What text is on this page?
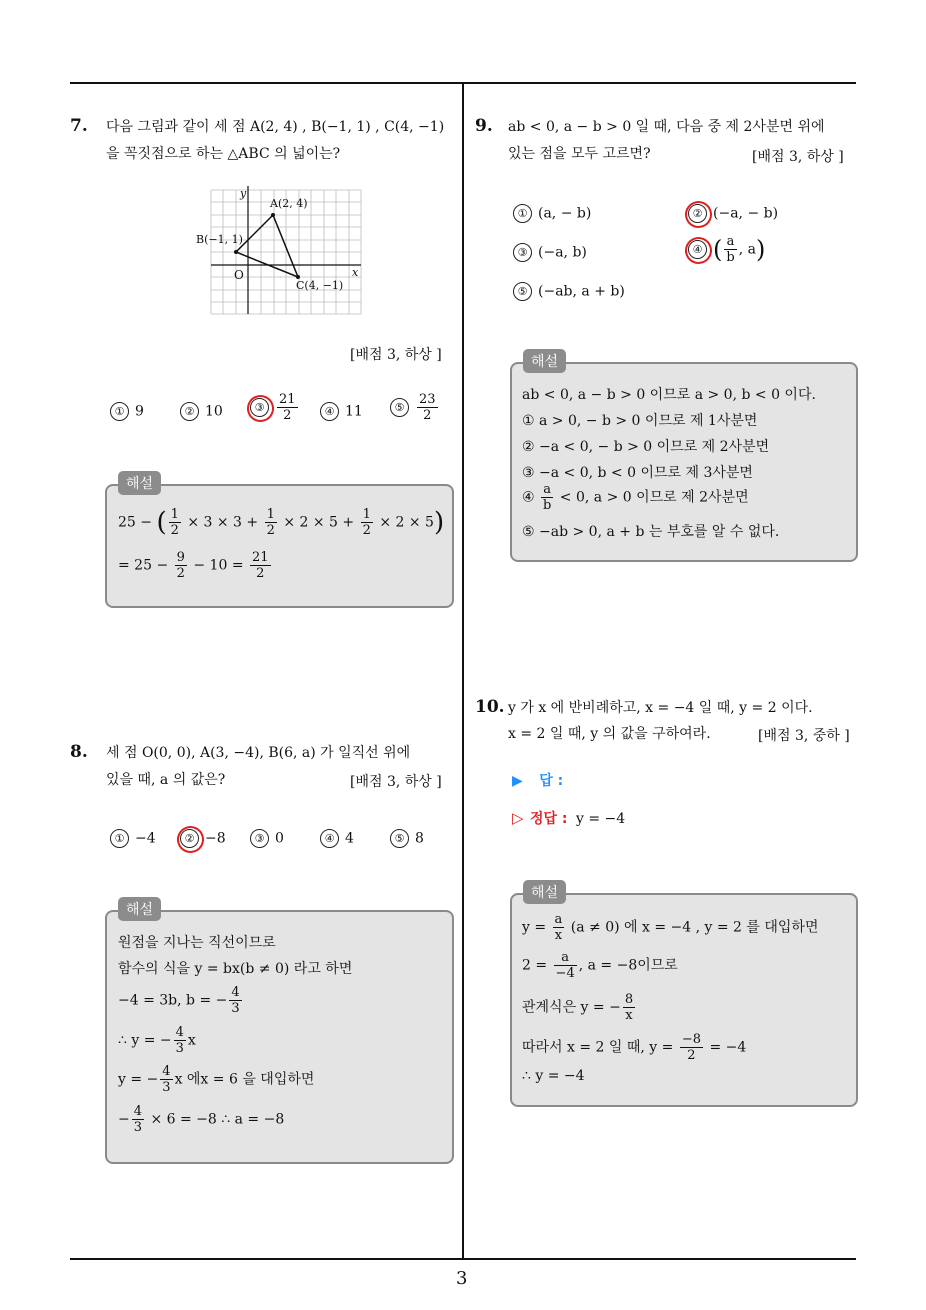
7. 다음 그림과 같이 세 점 A(2, 4) , B(−1, 1) , C(4, −1)
을 꼭짓점으로 하는 △ABC 의 넓이는?
A(2, 4)
B(−1, 1)
C(4, −1)
O	x
y
[배점 3, 하상 ]
① 9	② 10	③ $\frac{21}{2}$	④ 11	⑤ $\frac{23}{2}$
해설
25 − ( $\frac{1}{2} \times 3 \times 3 + \frac{1}{2} \times 2 \times 5 + \frac{1}{2} \times 2 \times 5$)
= $25 - \frac{9}{2} - 10 = \frac{21}{2}$
8. 세 점 O(0, 0), A(3, −4), B(6, a) 가 일직선 위에
있을 때, a 의 값은?	[배점 3, 하상 ]
① −4	② −8	③ 0	④ 4	⑤ 8
해설
원점을 지나는 직선이므로
함수의 식을 y = bx(b ≠ 0) 라고 하면
−4 = 3b, b = − $\frac{4}{3}$
∴ y = − $\frac{4}{3}$ x
y = − $\frac{4}{3}$ x 에x = 6 을 대입하면
− $\frac{4}{3} \times 6 = -8$ ∴ a = −8
9. ab < 0, a − b > 0 일 때, 다음 중 제 2사분면 위에
있는 점을 모두 고르면?	[배점 3, 하상 ]
① (a, − b)	② (−a, − b)
③ (−a, b)	④ ( $\frac{a}{b}$ , a)
⑤ (−ab, a + b)
해설
ab < 0, a − b > 0 이므로 a > 0, b < 0 이다.
① a > 0, − b > 0 이므로 제 1사분면
② −a < 0, − b > 0 이므로 제 2사분면
③ −a < 0, b < 0 이므로 제 3사분면
④ $\frac{a}{b} < 0$, a > 0 이므로 제 2사분면
⑤ −ab > 0, a + b 는 부호를 알 수 없다.
10. y 가 x 에 반비례하고, x = −4 일 때, y = 2 이다.
x = 2 일 때, y 의 값을 구하여라.	[배점 3, 중하 ]
▶ 답 :
▷ 정답 : y = −4
해설
$y = \frac{a}{x} (a \ne 0)$ 에 x = −4 , y = 2 를 대입하면
$2 = \frac{a}{-4}$ , a = −8이므로
관계식은 y = − $\frac{8}{x}$
따라서 x = 2 일 때, $y = \frac{-8}{2} = -4$
∴ y = −4
3
